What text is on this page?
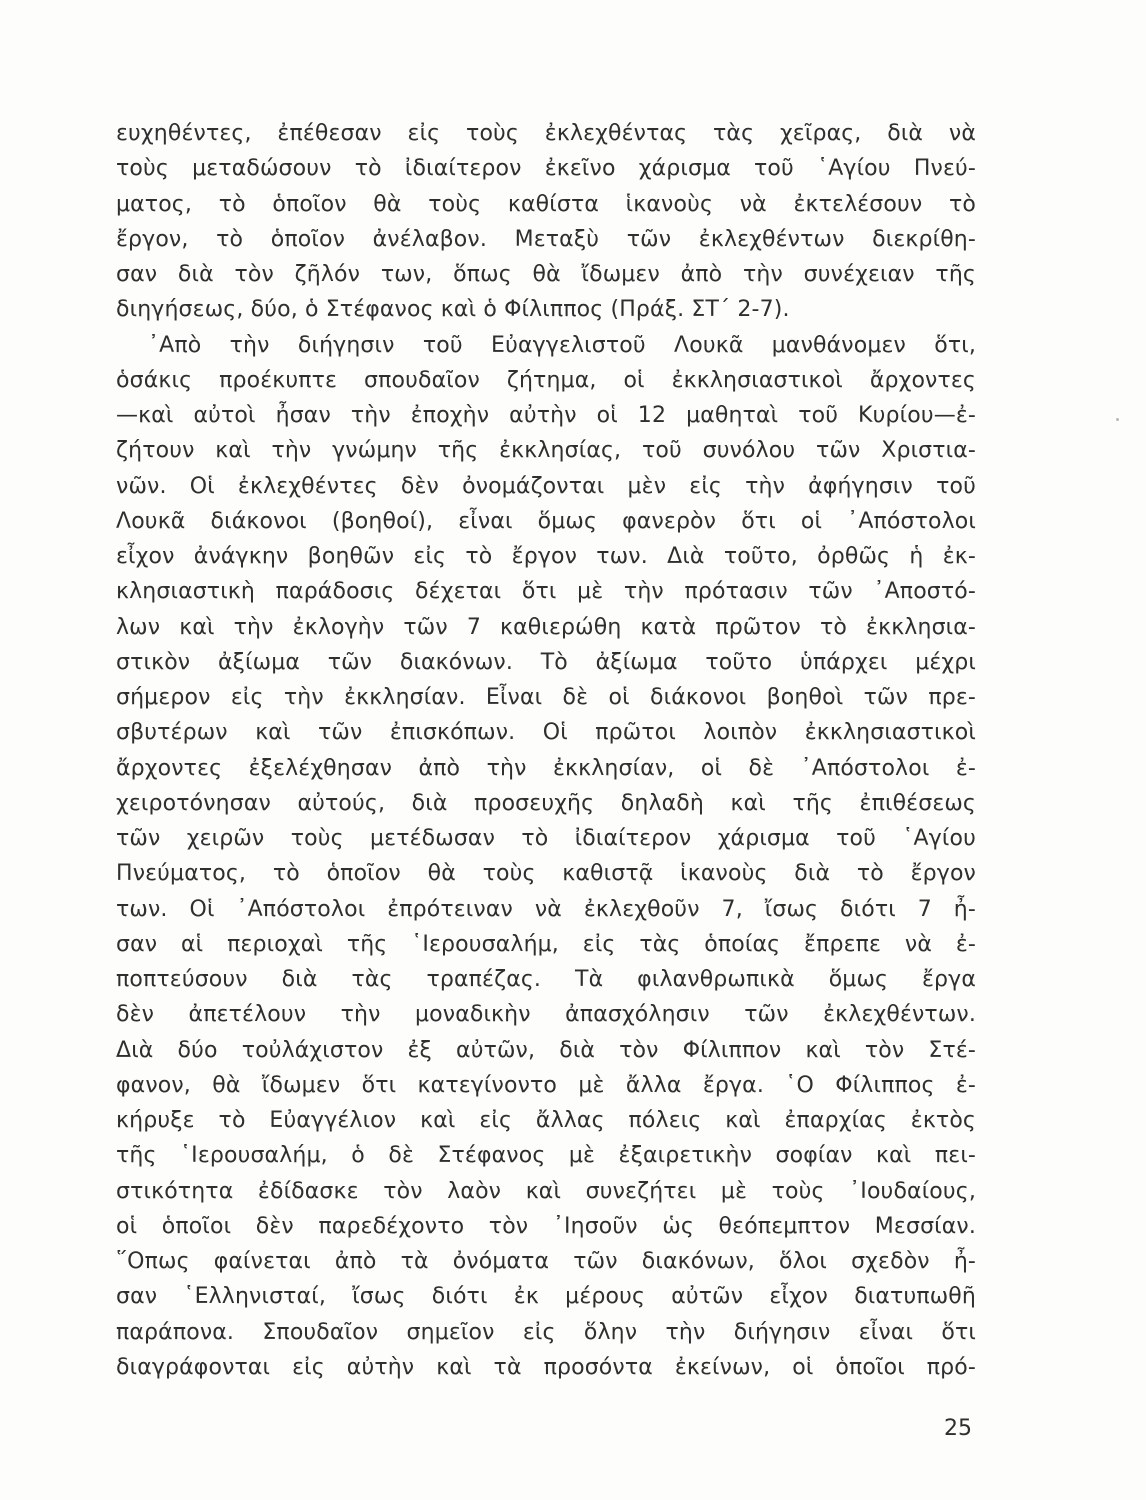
ευχηθέντες, ἐπέθεσαν εἰς τοὺς ἐκλεχθέντας τὰς χεῖρας, διὰ νὰ
τοὺς μεταδώσουν τὸ ἰδιαίτερον ἐκεῖνο χάρισμα τοῦ ῾Αγίου Πνεύ-
ματος, τὸ ὁποῖον θὰ τοὺς καθίστα ἱκανοὺς νὰ ἐκτελέσουν τὸ
ἔργον, τὸ ὁποῖον ἀνέλαβον. Μεταξὺ τῶν ἐκλεχθέντων διεκρίθη-
σαν διὰ τὸν ζῆλόν των, ὅπως θὰ ἴδωμεν ἀπὸ τὴν συνέχειαν τῆς
διηγήσεως, δύο, ὁ Στέφανος καὶ ὁ Φίλιππος (Πράξ. ΣΤ΄ 2-7).
᾿Απὸ τὴν διήγησιν τοῦ Εὐαγγελιστοῦ Λουκᾶ μανθάνομεν ὅτι,
ὁσάκις προέκυπτε σπουδαῖον ζήτημα, οἱ ἐκκλησιαστικοὶ ἄρχοντες
—καὶ αὐτοὶ ἦσαν τὴν ἐποχὴν αὐτὴν οἱ 12 μαθηταὶ τοῦ Κυρίου—ἐ-
ζήτουν καὶ τὴν γνώμην τῆς ἐκκλησίας, τοῦ συνόλου τῶν Χριστια-
νῶν. Οἱ ἐκλεχθέντες δὲν ὀνομάζονται μὲν εἰς τὴν ἀφήγησιν τοῦ
Λουκᾶ διάκονοι (βοηθοί), εἶναι ὅμως φανερὸν ὅτι οἱ ᾿Απόστολοι
εἶχον ἀνάγκην βοηθῶν εἰς τὸ ἔργον των. Διὰ τοῦτο, ὀρθῶς ἡ ἐκ-
κλησιαστικὴ παράδοσις δέχεται ὅτι μὲ τὴν πρότασιν τῶν ᾿Αποστό-
λων καὶ τὴν ἐκλογὴν τῶν 7 καθιερώθη κατὰ πρῶτον τὸ ἐκκλησια-
στικὸν ἀξίωμα τῶν διακόνων. Τὸ ἀξίωμα τοῦτο ὑπάρχει μέχρι
σήμερον εἰς τὴν ἐκκλησίαν. Εἶναι δὲ οἱ διάκονοι βοηθοὶ τῶν πρε-
σβυτέρων καὶ τῶν ἐπισκόπων. Οἱ πρῶτοι λοιπὸν ἐκκλησιαστικοὶ
ἄρχοντες ἐξελέχθησαν ἀπὸ τὴν ἐκκλησίαν, οἱ δὲ ᾿Απόστολοι ἐ-
χειροτόνησαν αὐτούς, διὰ προσευχῆς δηλαδὴ καὶ τῆς ἐπιθέσεως
τῶν χειρῶν τοὺς μετέδωσαν τὸ ἰδιαίτερον χάρισμα τοῦ ῾Αγίου
Πνεύματος, τὸ ὁποῖον θὰ τοὺς καθιστᾷ ἱκανοὺς διὰ τὸ ἔργον
των. Οἱ ᾿Απόστολοι ἐπρότειναν νὰ ἐκλεχθοῦν 7, ἴσως διότι 7 ἦ-
σαν αἱ περιοχαὶ τῆς ῾Ιερουσαλήμ, εἰς τὰς ὁποίας ἔπρεπε νὰ ἐ-
ποπτεύσουν διὰ τὰς τραπέζας. Τὰ φιλανθρωπικὰ ὅμως ἔργα
δὲν ἀπετέλουν τὴν μοναδικὴν ἀπασχόλησιν τῶν ἐκλεχθέντων.
Διὰ δύο τοὐλάχιστον ἐξ αὐτῶν, διὰ τὸν Φίλιππον καὶ τὸν Στέ-
φανον, θὰ ἴδωμεν ὅτι κατεγίνοντο μὲ ἄλλα ἔργα. ῾Ο Φίλιππος ἐ-
κήρυξε τὸ Εὐαγγέλιον καὶ εἰς ἄλλας πόλεις καὶ ἐπαρχίας ἐκτὸς
τῆς ῾Ιερουσαλήμ, ὁ δὲ Στέφανος μὲ ἐξαιρετικὴν σοφίαν καὶ πει-
στικότητα ἐδίδασκε τὸν λαὸν καὶ συνεζήτει μὲ τοὺς ᾿Ιουδαίους,
οἱ ὁποῖοι δὲν παρεδέχοντο τὸν ᾿Ιησοῦν ὡς θεόπεμπτον Μεσσίαν.
῞Οπως φαίνεται ἀπὸ τὰ ὀνόματα τῶν διακόνων, ὅλοι σχεδὸν ἦ-
σαν ῾Ελληνισταί, ἴσως διότι ἐκ μέρους αὐτῶν εἶχον διατυπωθῆ
παράπονα. Σπουδαῖον σημεῖον εἰς ὅλην τὴν διήγησιν εἶναι ὅτι
διαγράφονται εἰς αὐτὴν καὶ τὰ προσόντα ἐκείνων, οἱ ὁποῖοι πρό-
25
